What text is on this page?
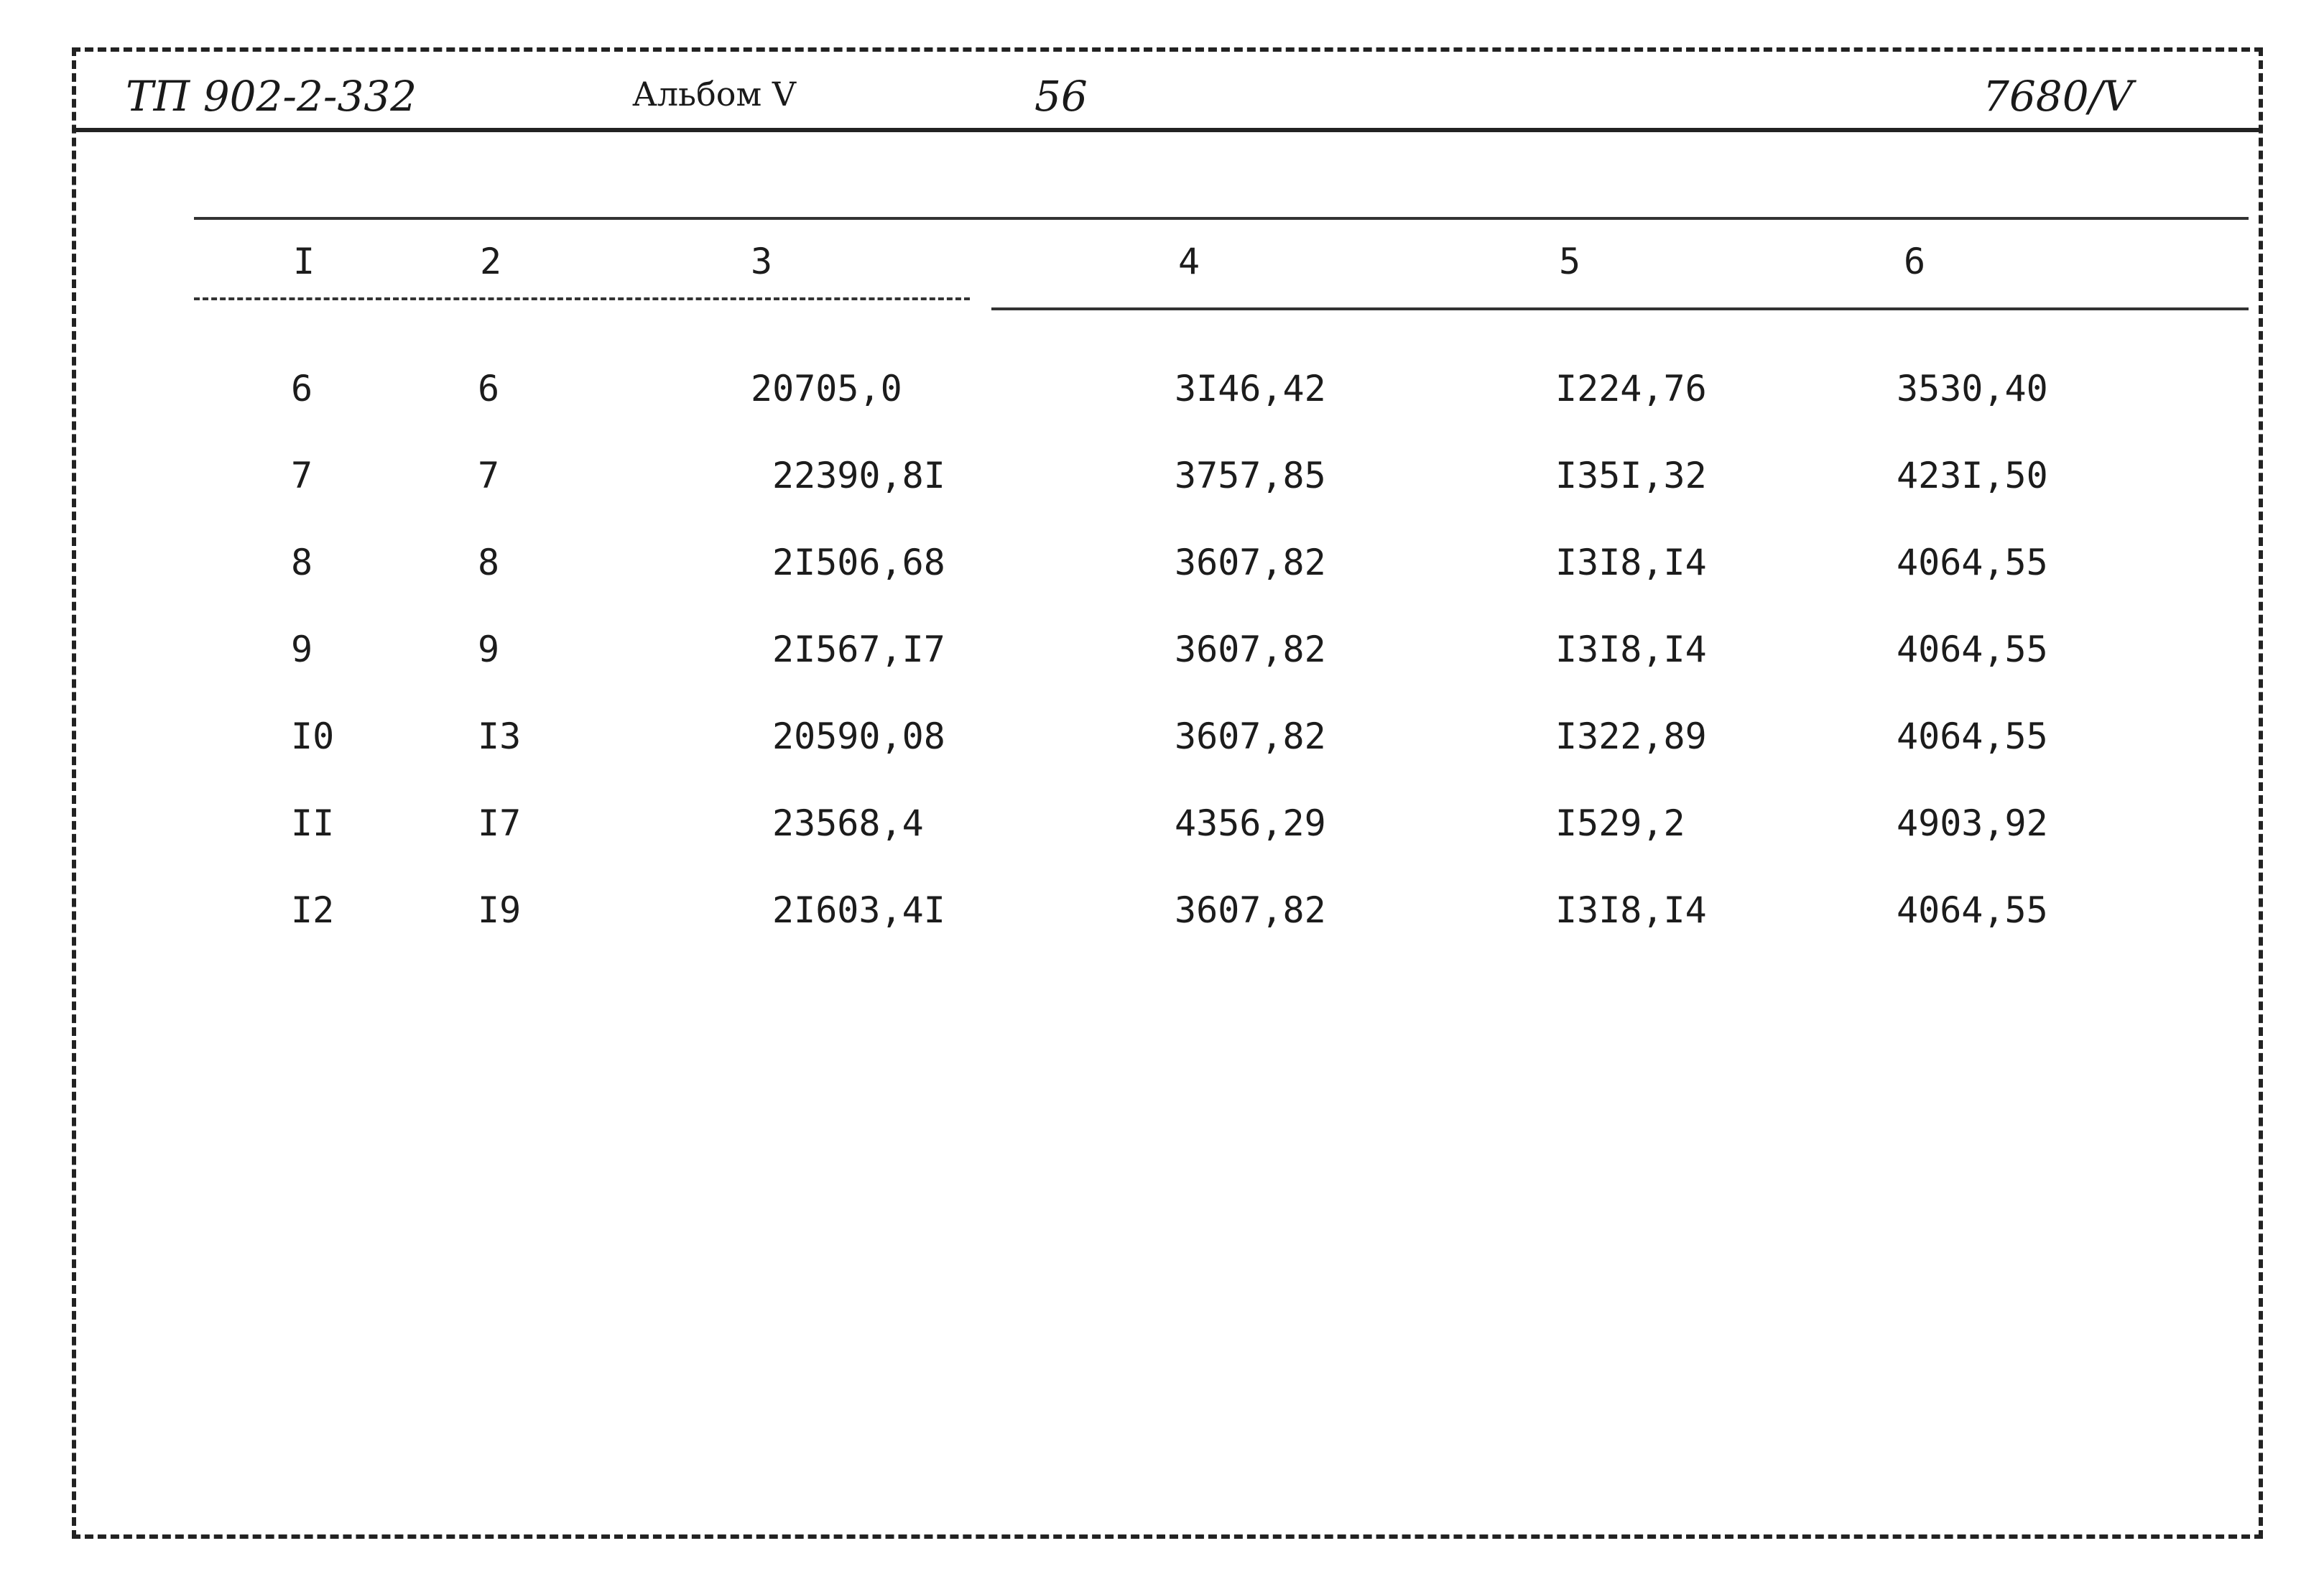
ТП 902-2-332	Альбом V	56	7680/V
I	2	3	4	5	6
6	6	20705,0	3I46,42	I224,76	3530,40
7	7	22390,8I	3757,85	I35I,32	423I,50
8	8	2I506,68	3607,82	I3I8,I4	4064,55
9	9	2I567,I7	3607,82	I3I8,I4	4064,55
I0	I3	20590,08	3607,82	I322,89	4064,55
II	I7	23568,4	4356,29	I529,2	4903,92
I2	I9	2I603,4I	3607,82	I3I8,I4	4064,55
